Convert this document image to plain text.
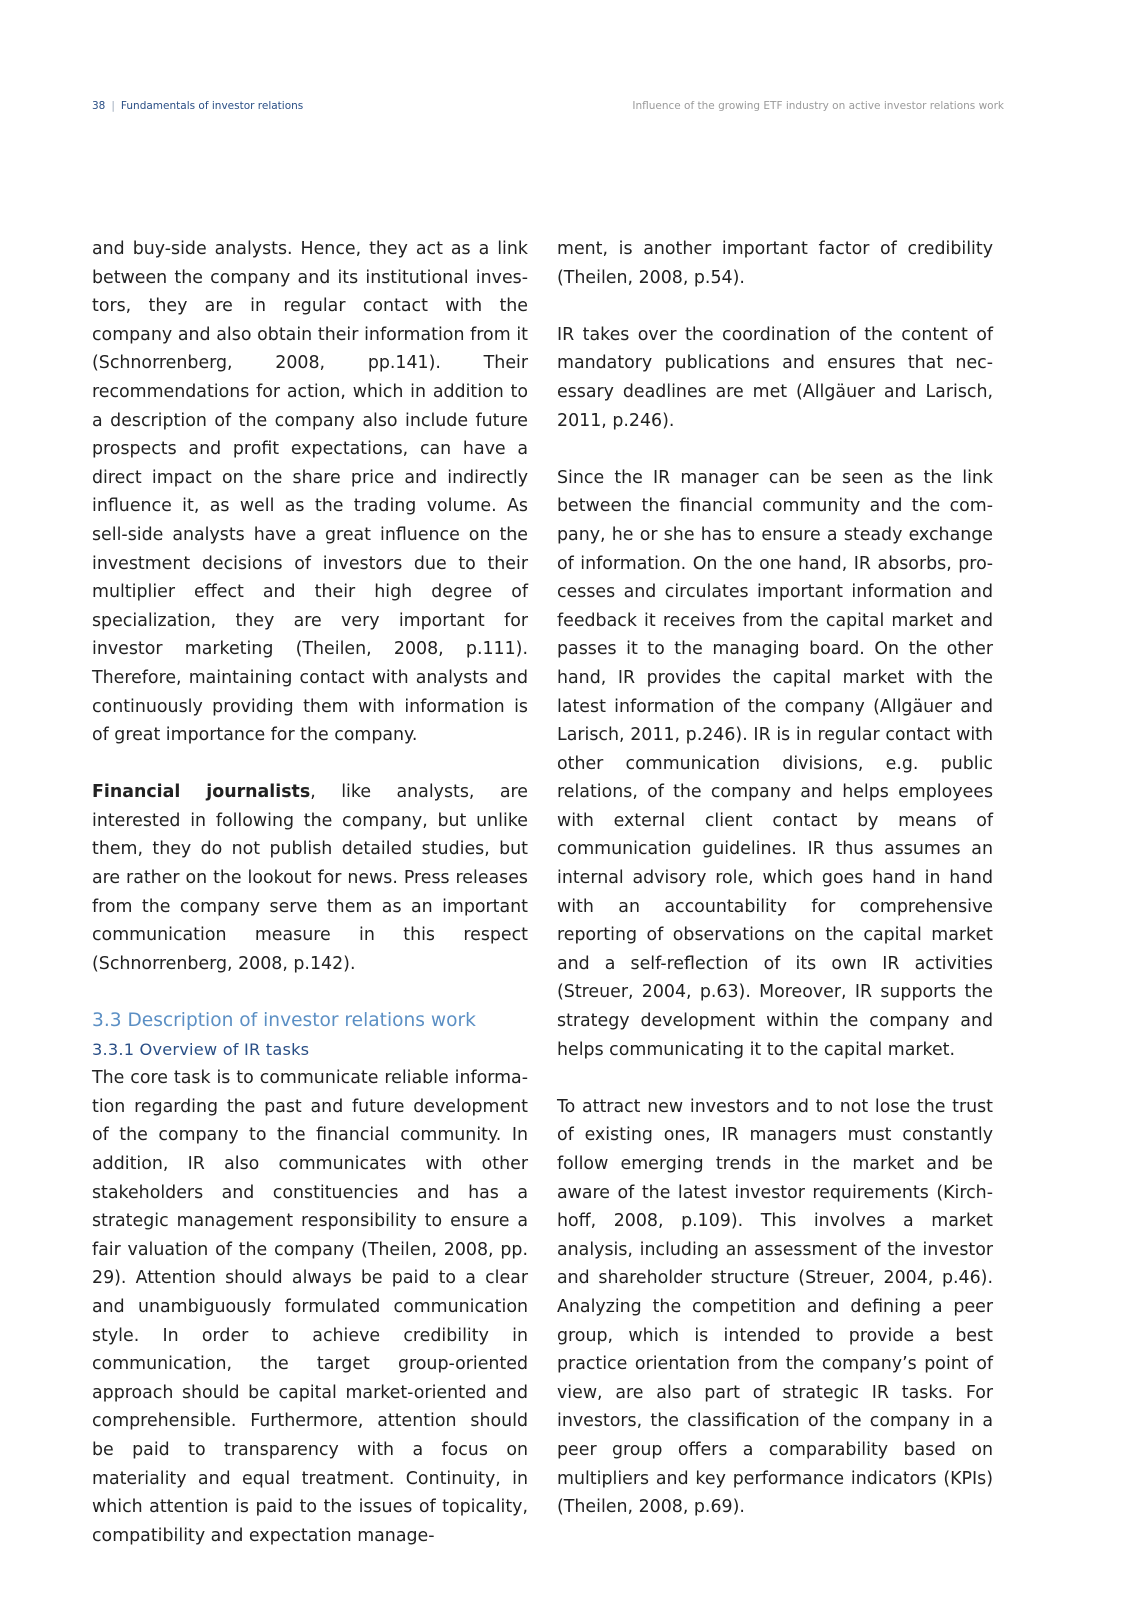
38 | Fundamentals of investor relations	Influence of the growing ETF industry on active investor relations work

and buy-side analysts. Hence, they act as a link between the company and its institutional investors, they are in regular contact with the company and also obtain their information from it (Schnorrenberg, 2008, pp.141). Their recommendations for action, which in addition to a description of the company also include future prospects and profit expectations, can have a direct impact on the share price and indirectly influence it, as well as the trading volume. As sell-side analysts have a great influence on the investment decisions of investors due to their multiplier effect and their high degree of specialization, they are very important for investor marketing (Theilen, 2008, p.111). Therefore, maintaining contact with analysts and continuously providing them with information is of great importance for the company.

Financial journalists, like analysts, are interested in following the company, but unlike them, they do not publish detailed studies, but are rather on the lookout for news. Press releases from the company serve them as an important communication measure in this respect (Schnorrenberg, 2008, p.142).

3.3 Description of investor relations work
3.3.1 Overview of IR tasks

The core task is to communicate reliable information regarding the past and future development of the company to the financial community. In addition, IR also communicates with other stakeholders and constituencies and has a strategic management responsibility to ensure a fair valuation of the company (Theilen, 2008, pp. 29). Attention should always be paid to a clear and unambiguously formulated communication style. In order to achieve credibility in communication, the target group-oriented approach should be capital market-oriented and comprehensible. Furthermore, attention should be paid to transparency with a focus on materiality and equal treatment. Continuity, in which attention is paid to the issues of topicality, compatibility and expectation manage-

ment, is another important factor of credibility (Theilen, 2008, p.54).

IR takes over the coordination of the content of mandatory publications and ensures that necessary deadlines are met (Allgäuer and Larisch, 2011, p.246).

Since the IR manager can be seen as the link between the financial community and the company, he or she has to ensure a steady exchange of information. On the one hand, IR absorbs, processes and circulates important information and feedback it receives from the capital market and passes it to the managing board. On the other hand, IR provides the capital market with the latest information of the company (Allgäuer and Larisch, 2011, p.246). IR is in regular contact with other communication divisions, e.g. public relations, of the company and helps employees with external client contact by means of communication guidelines. IR thus assumes an internal advisory role, which goes hand in hand with an accountability for comprehensive reporting of observations on the capital market and a self-reflection of its own IR activities (Streuer, 2004, p.63). Moreover, IR supports the strategy development within the company and helps communicating it to the capital market.

To attract new investors and to not lose the trust of existing ones, IR managers must constantly follow emerging trends in the market and be aware of the latest investor requirements (Kirchhoff, 2008, p.109). This involves a market analysis, including an assessment of the investor and shareholder structure (Streuer, 2004, p.46). Analyzing the competition and defining a peer group, which is intended to provide a best practice orientation from the company’s point of view, are also part of strategic IR tasks. For investors, the classification of the company in a peer group offers a comparability based on multipliers and key performance indicators (KPIs) (Theilen, 2008, p.69).
